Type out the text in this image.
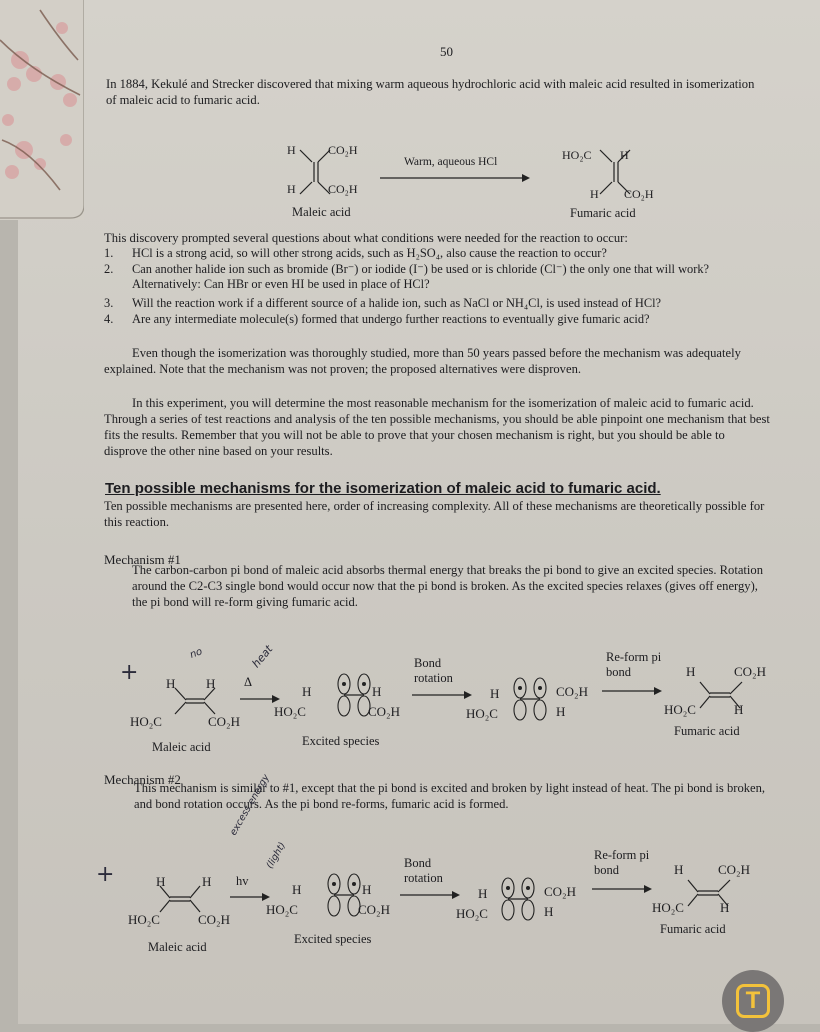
50
In 1884, Kekulé and Strecker discovered that mixing warm aqueous hydrochloric acid with maleic acid resulted in isomerization of maleic acid to fumaric acid.
H	CO₂H
H	CO₂H
Maleic acid
Warm, aqueous HCl	HO₂C H
H CO₂H
Fumaric acid
This discovery prompted several questions about what conditions were needed for the reaction to occur:
1. HCl is a strong acid, so will other strong acids, such as H₂SO₄, also cause the reaction to occur?
2. Can another halide ion such as bromide (Br⁻) or iodide (I⁻) be used or is chloride (Cl⁻) the only one that will work? Alternatively: Can HBr or even HI be used in place of HCl?
3. Will the reaction work if a different source of a halide ion, such as NaCl or NH₄Cl, is used instead of HCl?
4. Are any intermediate molecule(s) formed that undergo further reactions to eventually give fumaric acid?
Even though the isomerization was thoroughly studied, more than 50 years passed before the mechanism was adequately explained. Note that the mechanism was not proven; the proposed alternatives were disproven.
In this experiment, you will determine the most reasonable mechanism for the isomerization of maleic acid to fumaric acid. Through a series of test reactions and analysis of the ten possible mechanisms, you should be able pinpoint one mechanism that best fits the results. Remember that you will not be able to prove that your chosen mechanism is right, but you should be able to disprove the other nine based on your results.
Ten possible mechanisms for the isomerization of maleic acid to fumaric acid.
Ten possible mechanisms are presented here, order of increasing complexity. All of these mechanisms are theoretically possible for this reaction.
Mechanism #1
The carbon-carbon pi bond of maleic acid absorbs thermal energy that breaks the pi bond to give an excited species. Rotation around the C2-C3 single bond would occur now that the pi bond is broken. As the excited species relaxes (gives off energy), the pi bond will re-form giving fumaric acid.
+
no	heat
H H
HO₂C	CO₂H
Maleic acid
Δ
H	H
HO₂C	CO₂H
Excited species
Bond rotation
H	CO₂H
HO₂C	H
Re-form pi bond	H	CO₂H
HO₂C	H
Fumaric acid
Mechanism #2
This mechanism is similar to #1, except that the pi bond is excited and broken by light instead of heat. The pi bond is broken, and bond rotation occurs. As the pi bond re-forms, fumaric acid is formed.
+
excess energy
(light)
H	H
HO₂C	CO₂H
Maleic acid
hv
H	H
HO₂C	CO₂H
Excited species
Bond rotation
H	CO₂H
HO₂C	H
Re-form pi bond	H	CO₂H
HO₂C	H
Fumaric acid
T
